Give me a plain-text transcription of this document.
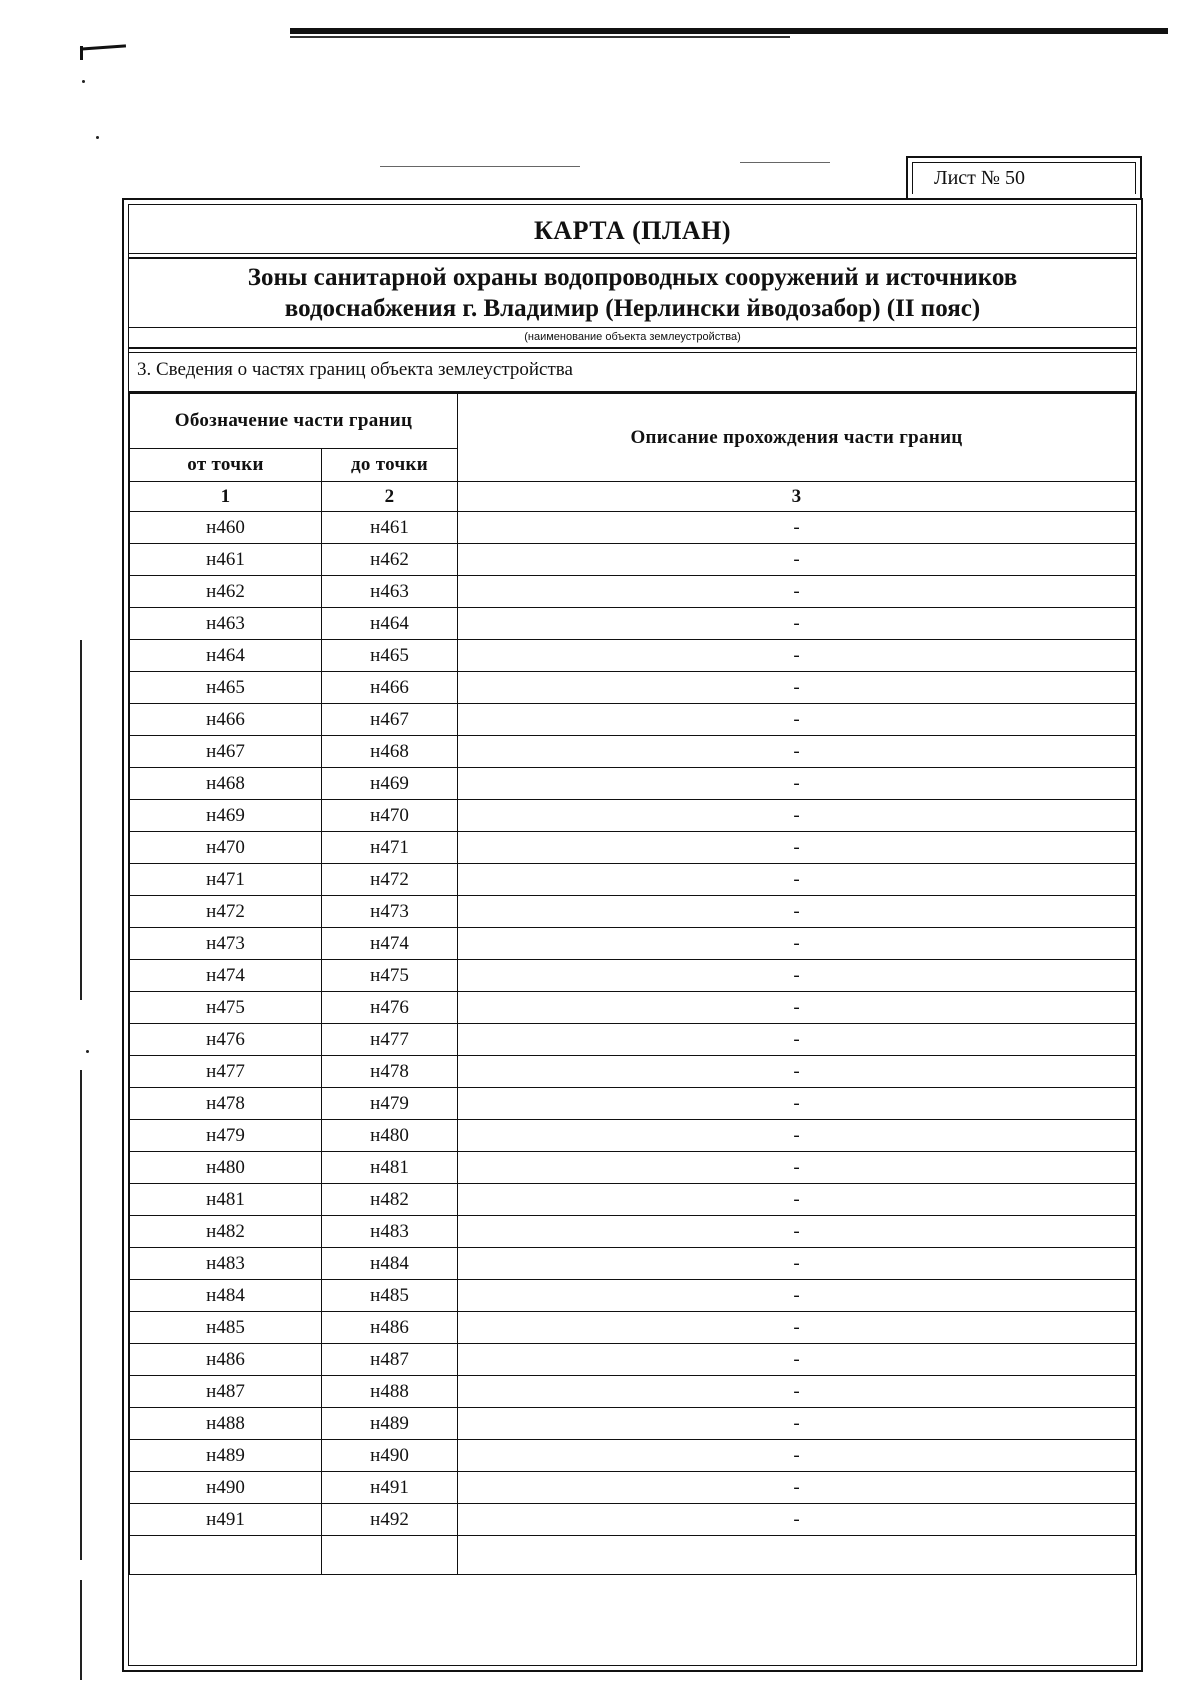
Лист № 50
КАРТА (ПЛАН)
Зоны санитарной охраны водопроводных сооружений и источников
водоснабжения г. Владимир (Нерлински йводозабор) (II пояс)
(наименование объекта землеустройства)
3. Сведения о частях границ объекта землеустройства
Обозначение части границ		Описание прохождения части границ
от точки	до точки	
1	2	3
н460	н461	-
н461	н462	-
н462	н463	-
н463	н464	-
н464	н465	-
н465	н466	-
н466	н467	-
н467	н468	-
н468	н469	-
н469	н470	-
н470	н471	-
н471	н472	-
н472	н473	-
н473	н474	-
н474	н475	-
н475	н476	-
н476	н477	-
н477	н478	-
н478	н479	-
н479	н480	-
н480	н481	-
н481	н482	-
н482	н483	-
н483	н484	-
н484	н485	-
н485	н486	-
н486	н487	-
н487	н488	-
н488	н489	-
н489	н490	-
н490	н491	-
н491	н492	-
